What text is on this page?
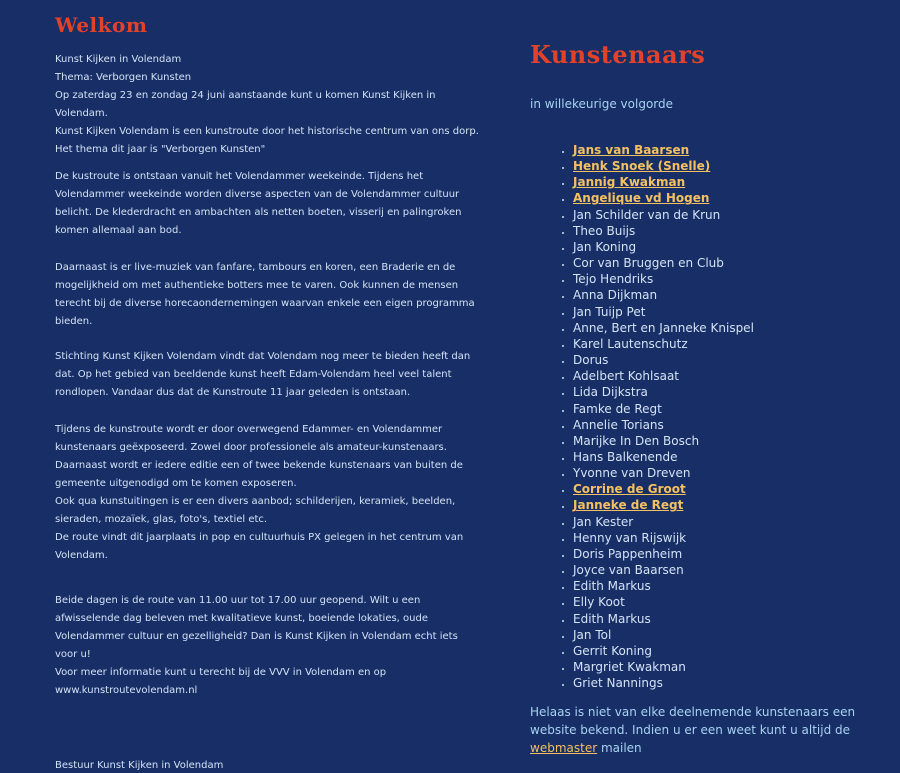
Welkom

Kunst Kijken in Volendam
Thema: Verborgen Kunsten
Op zaterdag 23 en zondag 24 juni aanstaande kunt u komen Kunst Kijken in
Volendam.
Kunst Kijken Volendam is een kunstroute door het historische centrum van ons dorp.
Het thema dit jaar is "Verborgen Kunsten"

De kustroute is ontstaan vanuit het Volendammer weekeinde. Tijdens het
Volendammer weekeinde worden diverse aspecten van de Volendammer cultuur
belicht. De klederdracht en ambachten als netten boeten, visserij en palingroken
komen allemaal aan bod.

Daarnaast is er live-muziek van fanfare, tambours en koren, een Braderie en de
mogelijkheid om met authentieke botters mee te varen. Ook kunnen de mensen
terecht bij de diverse horecaondernemingen waarvan enkele een eigen programma
bieden.

Stichting Kunst Kijken Volendam vindt dat Volendam nog meer te bieden heeft dan
dat. Op het gebied van beeldende kunst heeft Edam-Volendam heel veel talent
rondlopen. Vandaar dus dat de Kunstroute 11 jaar geleden is ontstaan.

Tijdens de kunstroute wordt er door overwegend Edammer- en Volendammer
kunstenaars geëxposeerd. Zowel door professionele als amateur-kunstenaars.
Daarnaast wordt er iedere editie een of twee bekende kunstenaars van buiten de
gemeente uitgenodigd om te komen exposeren.
Ook qua kunstuitingen is er een divers aanbod; schilderijen, keramiek, beelden,
sieraden, mozaïek, glas, foto's, textiel etc.
De route vindt dit jaarplaats in pop en cultuurhuis PX gelegen in het centrum van
Volendam.

Beide dagen is de route van 11.00 uur tot 17.00 uur geopend. Wilt u een
afwisselende dag beleven met kwalitatieve kunst, boeiende lokaties, oude
Volendammer cultuur en gezelligheid? Dan is Kunst Kijken in Volendam echt iets
voor u!
Voor meer informatie kunt u terecht bij de VVV in Volendam en op
www.kunstroutevolendam.nl

Bestuur Kunst Kijken in Volendam

Kunstenaars

in willekeurige volgorde

• Jans van Baarsen
• Henk Snoek (Snelle)
• Jannig Kwakman
• Angelique vd Hogen
• Jan Schilder van de Krun
• Theo Buijs
• Jan Koning
• Cor van Bruggen en Club
• Tejo Hendriks
• Anna Dijkman
• Jan Tuijp Pet
• Anne, Bert en Janneke Knispel
• Karel Lautenschutz
• Dorus
• Adelbert Kohlsaat
• Lida Dijkstra
• Famke de Regt
• Annelie Torians
• Marijke In Den Bosch
• Hans Balkenende
• Yvonne van Dreven
• Corrine de Groot
• Janneke de Regt
• Jan Kester
• Henny van Rijswijk
• Doris Pappenheim
• Joyce van Baarsen
• Edith Markus
• Elly Koot
• Edith Markus
• Jan Tol
• Gerrit Koning
• Margriet Kwakman
• Griet Nannings

Helaas is niet van elke deelnemende kunstenaars een
website bekend. Indien u er een weet kunt u altijd de
webmaster mailen
